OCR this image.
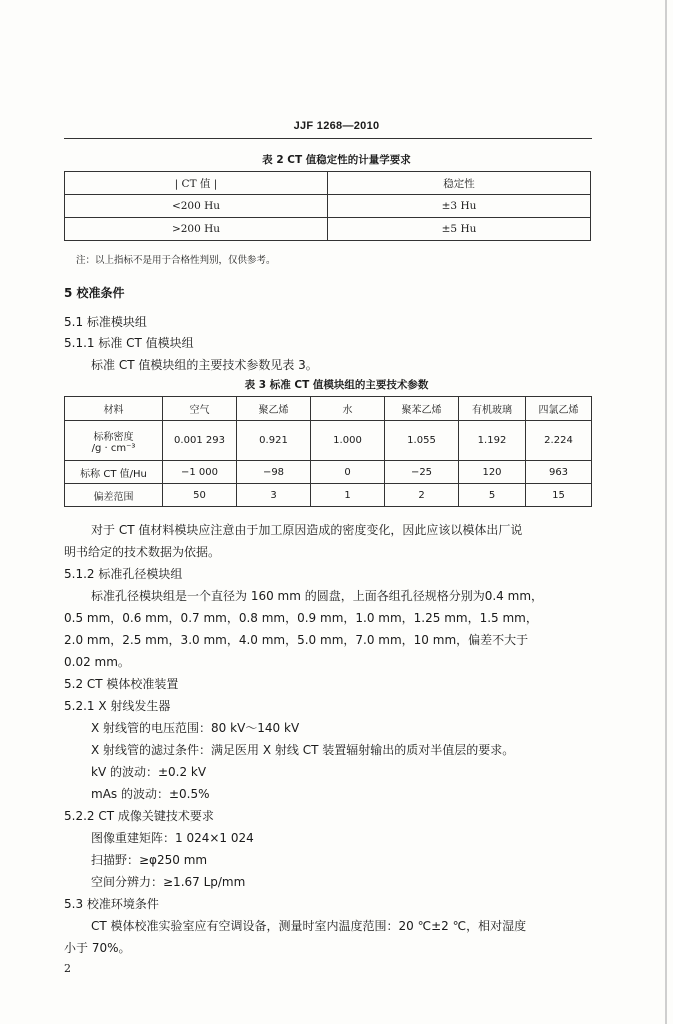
JJF 1268—2010
表 2 CT 值稳定性的计量学要求
| CT 值 |	稳定性
<200 Hu	±3 Hu
>200 Hu	±5 Hu
注：以上指标不是用于合格性判别，仅供参考。
5 校准条件
5.1 标准模块组
5.1.1 标准 CT 值模块组
标准 CT 值模块组的主要技术参数见表 3。
表 3 标准 CT 值模块组的主要技术参数
材料	空气	聚乙烯	水	聚苯乙烯	有机玻璃	四氯乙烯

标称密度
/g · cm⁻³	0.001 293	0.921	1.000	1.055	1.192	2.224
标称 CT 值/Hu	−1 000	−98	0	−25	120	963
偏差范围	50	3	1	2	5	15
对于 CT 值材料模块应注意由于加工原因造成的密度变化，因此应该以模体出厂说
明书给定的技术数据为依据。
5.1.2 标准孔径模块组
标准孔径模块组是一个直径为 160 mm 的圆盘，上面各组孔径规格分别为0.4 mm，
0.5 mm，0.6 mm，0.7 mm，0.8 mm，0.9 mm，1.0 mm，1.25 mm，1.5 mm，
2.0 mm，2.5 mm，3.0 mm，4.0 mm，5.0 mm，7.0 mm，10 mm，偏差不大于
0.02 mm。
5.2 CT 模体校准装置
5.2.1 X 射线发生器
X 射线管的电压范围：80 kV～140 kV
X 射线管的滤过条件：满足医用 X 射线 CT 装置辐射输出的质对半值层的要求。
kV 的波动：±0.2 kV
mAs 的波动：±0.5%
5.2.2 CT 成像关键技术要求
图像重建矩阵：1 024×1 024
扫描野：≥φ250 mm
空间分辨力：≥1.67 Lp/mm
5.3 校准环境条件
CT 模体校准实验室应有空调设备，测量时室内温度范围：20 ℃±2 ℃，相对湿度
小于 70%。
2
